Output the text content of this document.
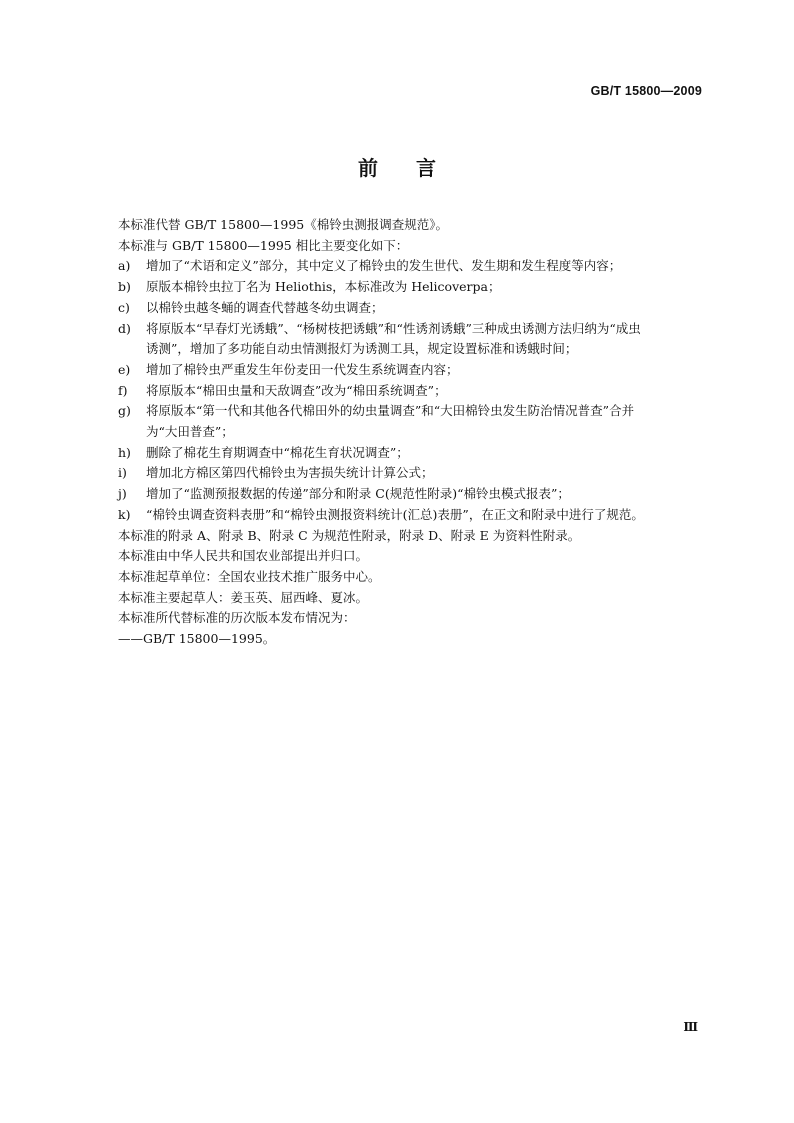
GB/T 15800—2009
前言

本标准代替 GB/T 15800—1995《棉铃虫测报调查规范》。

本标准与 GB/T 15800—1995 相比主要变化如下：

a) 增加了“术语和定义”部分，其中定义了棉铃虫的发生世代、发生期和发生程度等内容；
b) 原版本棉铃虫拉丁名为 Heliothis，本标准改为 Helicoverpa；
c) 以棉铃虫越冬蛹的调查代替越冬幼虫调查；
d) 将原版本“早春灯光诱蛾”、“杨树枝把诱蛾”和“性诱剂诱蛾”三种成虫诱测方法归纳为“成虫
诱测”，增加了多功能自动虫情测报灯为诱测工具，规定设置标准和诱蛾时间；
e) 增加了棉铃虫严重发生年份麦田一代发生系统调查内容；
f) 将原版本“棉田虫量和天敌调查”改为“棉田系统调查”；
g) 将原版本“第一代和其他各代棉田外的幼虫量调查”和“大田棉铃虫发生防治情况普查”合并
为“大田普查”；
h) 删除了棉花生育期调查中“棉花生育状况调查”；
i) 增加北方棉区第四代棉铃虫为害损失统计计算公式；
j) 增加了“监测预报数据的传递”部分和附录 C(规范性附录)“棉铃虫模式报表”；
k) “棉铃虫调查资料表册”和“棉铃虫测报资料统计(汇总)表册”，在正文和附录中进行了规范。

本标准的附录 A、附录 B、附录 C 为规范性附录，附录 D、附录 E 为资料性附录。

本标准由中华人民共和国农业部提出并归口。

本标准起草单位：全国农业技术推广服务中心。

本标准主要起草人：姜玉英、屈西峰、夏冰。

本标准所代替标准的历次版本发布情况为：

——GB/T 15800—1995。

Ⅲ
